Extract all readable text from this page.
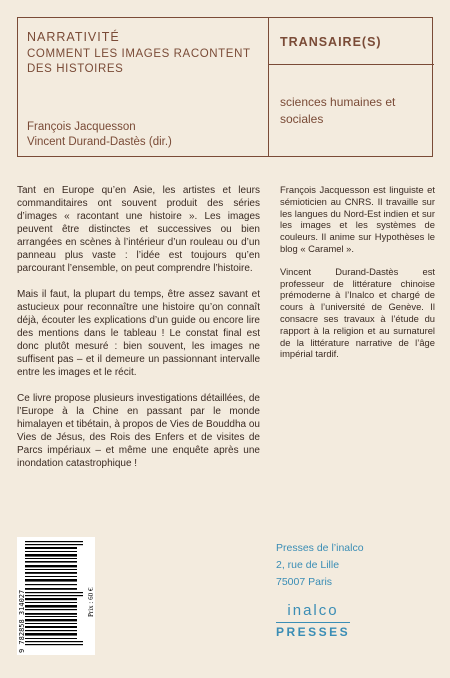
NARRATIVITÉ
COMMENT LES IMAGES RACONTENT DES HISTOIRES
François Jacquesson
Vincent Durand-Dastès (dir.)
TRANSAIRE(S)
sciences humaines et sociales

Tant en Europe qu’en Asie, les artistes et leurs commanditaires ont souvent produit des séries d’images « racontant une histoire ». Les images peuvent être distinctes et successives ou bien arrangées en scènes à l’intérieur d’un rouleau ou d’un panneau plus vaste : l’idée est toujours qu’en parcourant l’ensemble, on peut comprendre l’histoire.

Mais il faut, la plupart du temps, être assez savant et astucieux pour reconnaître une histoire qu’on connaît déjà, écouter les explications d’un guide ou encore lire des mentions dans le tableau ! Le constat final est donc plutôt mesuré : bien souvent, les images ne suffisent pas – et il demeure un passionnant intervalle entre les images et le récit.

Ce livre propose plusieurs investigations détaillées, de l’Europe à la Chine en passant par le monde himalayen et tibétain, à propos de Vies de Bouddha ou Vies de Jésus, des Rois des Enfers et de visites de Parcs impériaux – et même une enquête après une inondation catastrophique !

François Jacquesson est linguiste et sémioticien au CNRS. Il travaille sur les langues du Nord-Est indien et sur les images et les systèmes de couleurs. Il anime sur Hypothèses le blog « Caramel ».

Vincent Durand-Dastès est professeur de littérature chinoise prémoderne à l’Inalco et chargé de cours à l’université de Genève. Il consacre ses travaux à l’étude du rapport à la religion et au surnaturel de la littérature narrative de l’âge impérial tardif.

9 782858 314027	Prix : 60 €
Presses de l’inalco
2, rue de Lille
75007 Paris
inalco
PRESSES
